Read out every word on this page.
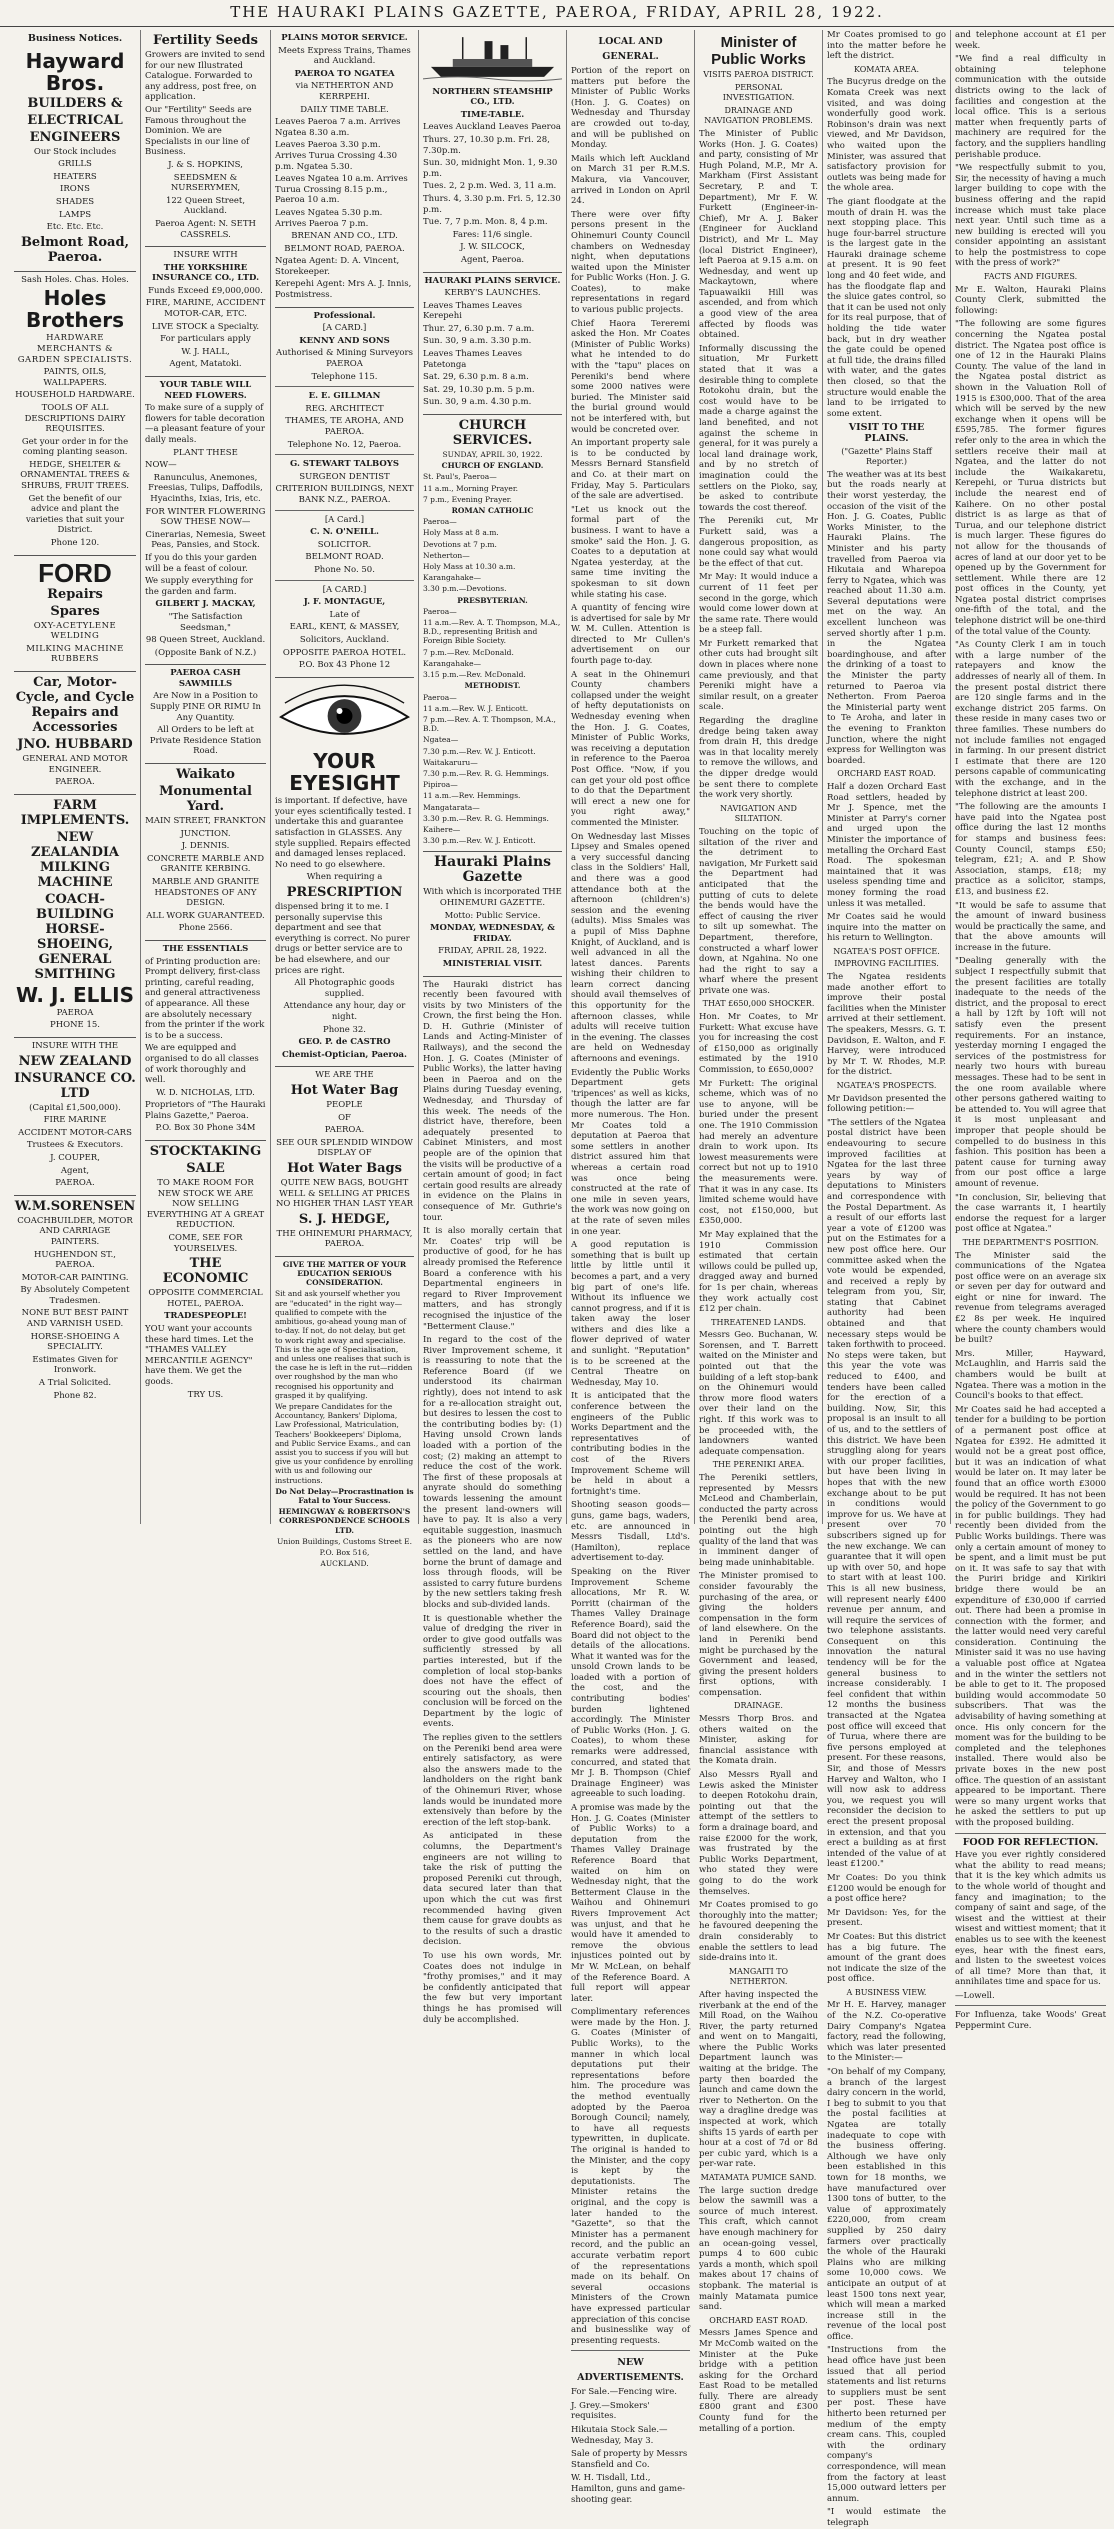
THE HAURAKI PLAINS GAZETTE, PAEROA, FRIDAY, APRIL 28, 1922.
Business Notices.

Hayward Bros.

BUILDERS &

ELECTRICAL

ENGINEERS

Our Stock includes

GRILLS

HEATERS

IRONS

SHADES

LAMPS

Etc. Etc. Etc.

Belmont Road, Paeroa.

Sash Holes. Chas. Holes.

Holes Brothers

HARDWARE MERCHANTS & GARDEN SPECIALISTS.

PAINTS, OILS, WALLPAPERS.

HOUSEHOLD HARDWARE.

TOOLS OF ALL DESCRIPTIONS DAIRY REQUISITES.

Get your order in for the coming planting season.

HEDGE, SHELTER & ORNAMENTAL TREES & SHRUBS, FRUIT TREES.

Get the benefit of our advice and plant the varieties that suit your District.

Phone 120.

FORD Repairs

Spares

OXY-ACETYLENE WELDING

MILKING MACHINE RUBBERS

Car, Motor-Cycle, and Cycle Repairs and Accessories

JNO. HUBBARD

GENERAL AND MOTOR ENGINEER.

PAEROA.

FARM IMPLEMENTS.

NEW ZEALANDIA MILKING MACHINE

COACH-BUILDING HORSE-SHOEING, GENERAL SMITHING

W. J. ELLIS

PAEROA

PHONE 15.

INSURE WITH THE

NEW ZEALAND

INSURANCE CO. LTD

(Capital £1,500,000).

FIRE MARINE

ACCIDENT MOTOR-CARS

Trustees & Executors.

J. COUPER,

Agent,

PAEROA.

W.M.SORENSEN

COACHBUILDER, MOTOR AND CARRIAGE PAINTERS.

HUGHENDON ST., PAEROA.

MOTOR-CAR PAINTING.

By Absolutely Competent Tradesmen.

NONE BUT BEST PAINT AND VARNISH USED.

HORSE-SHOEING A SPECIALITY.

Estimates Given for Ironwork.

A Trial Solicited.

Phone 82.

Fertility Seeds

Growers are invited to send for our new Illustrated Catalogue. Forwarded to any address, post free, on application.

Our "Fertility" Seeds are Famous throughout the Dominion. We are Specialists in our line of Business.

J. & S. HOPKINS,

SEEDSMEN & NURSERYMEN,

122 Queen Street, Auckland.

Paeroa Agent: N. SETH CASSRELS.

INSURE WITH

THE YORKSHIRE INSURANCE CO., LTD.

Funds Exceed £9,000,000.

FIRE, MARINE, ACCIDENT MOTOR-CAR, ETC.

LIVE STOCK a Specialty.

For particulars apply

W. J. HALL,

Agent, Matatoki.

YOUR TABLE WILL NEED FLOWERS.

To make sure of a supply of flowers for table decoration—a pleasant feature of your daily meals.

PLANT THESE

NOW—

Ranunculus, Anemones, Freesias, Tulips, Daffodils, Hyacinths, Ixias, Iris, etc.

FOR WINTER FLOWERING SOW THESE NOW—

Cinerarias, Nemesia, Sweet Peas, Pansies, and Stock.

If you do this your garden will be a feast of colour.

We supply everything for the garden and farm.

GILBERT J. MACKAY,

"The Satisfaction Seedsman,"

98 Queen Street, Auckland.

(Opposite Bank of N.Z.)

PAEROA CASH SAWMILLS

Are Now in a Position to Supply PINE OR RIMU In Any Quantity.

All Orders to be left at Private Residence Station Road.

Waikato

Monumental Yard.

MAIN STREET, FRANKTON

JUNCTION.

J. DENNIS.

CONCRETE MARBLE AND GRANITE KERBING.

MARBLE AND GRANITE HEADSTONES OF ANY DESIGN.

ALL WORK GUARANTEED.

Phone 2566.

THE ESSENTIALS

of Printing production are: Prompt delivery, first-class printing, careful reading, and general attractiveness of appearance. All these are absolutely necessary from the printer if the work is to be a success.

We are equipped and organised to do all classes of work thoroughly and well.

W. D. NICHOLAS, LTD.

Proprietors of "The Hauraki Plains Gazette," Paeroa.

P.O. Box 30 Phone 34M

STOCKTAKING

SALE

TO MAKE ROOM FOR NEW STOCK WE ARE NOW SELLING EVERYTHING AT A GREAT REDUCTION.

COME, SEE FOR YOURSELVES.

THE ECONOMIC

OPPOSITE COMMERCIAL HOTEL, PAEROA.

TRADESPEOPLE!

YOU want your accounts these hard times. Let the "THAMES VALLEY MERCANTILE AGENCY" have them. We get the goods.

TRY US.

PLAINS MOTOR SERVICE.

Meets Express Trains, Thames and Auckland.

PAEROA TO NGATEA

via NETHERTON AND KERRPEHI.

DAILY TIME TABLE.

Leaves Paeroa 7 a.m. Arrives Ngatea 8.30 a.m.

Leaves Paeroa 3.30 p.m. Arrives Turua Crossing 4.30 p.m. Ngatea 5.30.

Leaves Ngatea 10 a.m. Arrives Turua Crossing 8.15 p.m., Paeroa 10 a.m.

Leaves Ngatea 5.30 p.m. Arrives Paeroa 7 p.m.

BRENAN AND CO., LTD.

BELMONT ROAD, PAEROA.

Ngatea Agent: D. A. Vincent, Storekeeper.

Kerepehi Agent: Mrs A. J. Innis, Postmistress.

Professional.

[A CARD.]

KENNY AND SONS

Authorised & Mining Surveyors PAEROA

Telephone 115.

E. E. GILLMAN

REG. ARCHITECT

THAMES, TE AROHA, AND PAEROA.

Telephone No. 12, Paeroa.

G. STEWART TALBOYS

SURGEON DENTIST

CRITERION BUILDINGS, NEXT BANK N.Z., PAEROA.

[A Card.]

C. N. O'NEILL.

SOLICITOR.

BELMONT ROAD.

Phone No. 50.

[A CARD.]

J. F. MONTAGUE,

Late of

EARL, KENT, & MASSEY,

Solicitors, Auckland.

OPPOSITE PAEROA HOTEL.

P.O. Box 43 Phone 12

YOUR EYESIGHT

is important. If defective, have your eyes scientifically tested. I undertake this and guarantee satisfaction in GLASSES. Any style supplied. Repairs effected and damaged lenses replaced. No need to go elsewhere.

When requiring a

PRESCRIPTION

dispensed bring it to me. I personally supervise this department and see that everything is correct. No purer drugs or better service are to be had elsewhere, and our prices are right.

All Photographic goods supplied.

Attendance any hour, day or night.

Phone 32.

GEO. P. de CASTRO

Chemist-Optician, Paeroa.

WE ARE THE

Hot Water Bag

PEOPLE

OF

PAEROA.

SEE OUR SPLENDID WINDOW DISPLAY OF

Hot Water Bags

QUITE NEW BAGS, BOUGHT WELL & SELLING AT PRICES NO HIGHER THAN LAST YEAR

S. J. HEDGE,

THE OHINEMURI PHARMACY, PAEROA.

GIVE THE MATTER OF YOUR EDUCATION SERIOUS CONSIDERATION.

Sit and ask yourself whether you are "educated" in the right way—qualified to compete with the ambitious, go-ahead young man of to-day. If not, do not delay, but get to work right away and specialise. This is the age of Specialisation, and unless one realises that such is the case he is left in the rut—ridden over roughshod by the man who recognised his opportunity and grasped it by qualifying.

We prepare Candidates for the Accountancy, Bankers' Diploma, Law Professional, Matriculation, Teachers' Bookkeepers' Diploma, and Public Service Exams., and can assist you to success if you will but give us your confidence by enrolling with us and following our instructions.

Do Not Delay—Procrastination is Fatal to Your Success.

HEMINGWAY & ROBERTSON'S CORRESPONDENCE SCHOOLS LTD.

Union Buildings, Customs Street E.

P.O. Box 516,

AUCKLAND.

NORTHERN STEAMSHIP CO., LTD.

TIME-TABLE.

Leaves Auckland Leaves Paeroa

Thurs. 27, 10.30 p.m. Fri. 28, 7.30p.m.

Sun. 30, midnight Mon. 1, 9.30 p.m.

Tues. 2, 2 p.m. Wed. 3, 11 a.m.

Thurs. 4, 3.30 p.m. Fri. 5, 12.30 p.m.

Tue. 7, 7 p.m. Mon. 8, 4 p.m.

Fares: 11/6 single.

J. W. SILCOCK,

Agent, Paeroa.

HAURAKI PLAINS SERVICE.

KERBY'S LAUNCHES.

Leaves Thames Leaves Kerepehi

Thur. 27, 6.30 p.m. 7 a.m.

Sun. 30, 9 a.m. 3.30 p.m.

Leaves Thames Leaves Patetonga

Sat. 29, 6.30 p.m. 8 a.m.

Sat. 29, 10.30 p.m. 5 p.m.

Sun. 30, 9 a.m. 4.30 p.m.

CHURCH SERVICES.

SUNDAY, APRIL 30, 1922.

CHURCH OF ENGLAND.

St. Paul's, Paeroa—

11 a.m., Morning Prayer.

7 p.m., Evening Prayer.

ROMAN CATHOLIC

Paeroa—

Holy Mass at 8 a.m.

Devotions at 7 p.m.

Netherton—

Holy Mass at 10.30 a.m.

Karangahake—

3.30 p.m.—Devotions.

PRESBYTERIAN.

Paeroa—

11 a.m.—Rev. A. T. Thompson, M.A., B.D., representing British and Foreign Bible Society.

7 p.m.—Rev. McDonald.

Karangahake—

3.15 p.m.—Rev. McDonald.

METHODIST.

Paeroa—

11 a.m.—Rev. W. J. Enticott.

7 p.m.—Rev. A. T. Thompson, M.A., B.D.

Ngatea—

7.30 p.m.—Rev. W. J. Enticott.

Waitakaruru—

7.30 p.m.—Rev. R. G. Hemmings.

Pipiroa—

11 a.m.—Rev. Hemmings.

Mangatarata—

3.30 p.m.—Rev. R. G. Hemmings.

Kaihere—

3.30 p.m.—Rev. W. J. Enticott.

Hauraki Plains Gazette

With which is incorporated THE OHINEMURI GAZETTE.

Motto: Public Service.

MONDAY, WEDNESDAY, & FRIDAY.

FRIDAY, APRIL 28, 1922.

MINISTERIAL VISIT.

The Hauraki district has recently been favoured with visits by two Ministers of the Crown, the first being the Hon. D. H. Guthrie (Minister of Lands and Acting-Minister of Railways), and the second the Hon. J. G. Coates (Minister of Public Works), the latter having been in Paeroa and on the Plains during Tuesday evening, Wednesday, and Thursday of this week. The needs of the district have, therefore, been adequately presented to Cabinet Ministers, and most people are of the opinion that the visits will be productive of a certain amount of good; in fact certain good results are already in evidence on the Plains in consequence of Mr. Guthrie's tour.

It is also morally certain that Mr. Coates' trip will be productive of good, for he has already promised the Reference Board a conference with his Departmental engineers in regard to River Improvement matters, and has strongly recognised the injustice of the "Betterment Clause."

In regard to the cost of the River Improvement scheme, it is reassuring to note that the Reference Board (if we understood its chairman rightly), does not intend to ask for a re-allocation straight out, but desires to lessen the cost to the contributing bodies by: (1) Having unsold Crown lands loaded with a portion of the cost; (2) making an attempt to reduce the cost of the work. The first of these proposals at anyrate should do something towards lessening the amount the present land-owners will have to pay. It is also a very equitable suggestion, inasmuch as the pioneers who are now settled on the land, and have borne the brunt of damage and loss through floods, will be assisted to carry future burdens by the new settlers taking fresh blocks and sub-divided lands.

It is questionable whether the value of dredging the river in order to give good outfalls was sufficiently stressed by all parties interested, but if the completion of local stop-banks does not have the effect of scouring out the shoals, then conclusion will be forced on the Department by the logic of events.

The replies given to the settlers on the Pereniki bend area were entirely satisfactory, as were also the answers made to the landholders on the right bank of the Ohinemuri River, whose lands would be inundated more extensively than before by the erection of the left stop-bank.

As anticipated in these columns, the Department's engineers are not willing to take the risk of putting the proposed Pereniki cut through, data secured later than that upon which the cut was first recommended having given them cause for grave doubts as to the results of such a drastic decision.

To use his own words, Mr. Coates does not indulge in "frothy promises," and it may be confidently anticipated that the few but very important things he has promised will duly be accomplished.

LOCAL AND GENERAL.

Portion of the report on matters put before the Minister of Public Works (Hon. J. G. Coates) on Wednesday and Thursday are crowded out to-day, and will be published on Monday.

Mails which left Auckland on March 31 per R.M.S. Makura, via Vancouver, arrived in London on April 24.

There were over fifty persons present in the Ohinemuri County Council chambers on Wednesday night, when deputations waited upon the Minister for Public Works (Hon. J. G. Coates), to make representations in regard to various public projects.

Chief Haora Tereremi asked the Hon. Mr Coates (Minister of Public Works) what he intended to do with the "tapu" places on Pereniki's bend where some 2000 natives were buried. The Minister said the burial ground would not be interfered with, but would be concreted over.

An important property sale is to be conducted by Messrs Bernard Stansfield and Co. at their mart on Friday, May 5. Particulars of the sale are advertised.

"Let us knock out the formal part of the business. I want to have a smoke" said the Hon. J. G. Coates to a deputation at Ngatea yesterday, at the same time inviting the spokesman to sit down while stating his case.

A quantity of fencing wire is advertised for sale by Mr W. M. Cullen. Attention is directed to Mr Cullen's advertisement on our fourth page to-day.

A seat in the Ohinemuri County chambers collapsed under the weight of hefty deputationists on Wednesday evening when the Hon. J. G. Coates, Minister of Public Works, was receiving a deputation in reference to the Paeroa Post Office. "Now, if you can get your old post office to do that the Department will erect a new one for you right away," commented the Minister.

On Wednesday last Misses Lipsey and Smales opened a very successful dancing class in the Soldiers' Hall, and there was a good attendance both at the afternoon (children's) session and the evening (adults). Miss Smales was a pupil of Miss Daphne Knight, of Auckland, and is well advanced in all the latest dances. Parents wishing their children to learn correct dancing should avail themselves of this opportunity for the afternoon classes, while adults will receive tuition in the evening. The classes are held on Wednesday afternoons and evenings.

Evidently the Public Works Department gets 'tripences' as well as kicks, though the latter are far more numerous. The Hon. Mr Coates told a deputation at Paeroa that some settlers in another district assured him that whereas a certain road was once being constructed at the rate of one mile in seven years, the work was now going on at the rate of seven miles in one year.

A good reputation is something that is built up little by little until it becomes a part, and a very big part of one's life. Without its influence we cannot progress, and if it is taken away the loser withers and dies like a flower deprived of water and sunlight. "Reputation" is to be screened at the Central Theatre on Wednesday, May 10.

It is anticipated that the conference between the engineers of the Public Works Department and the representatives of contributing bodies in the cost of the Rivers Improvement Scheme will be held in about a fortnight's time.

Shooting season goods—guns, game bags, waders, etc. are announced in Messrs Tisdall, Ltd's. (Hamilton), replace advertisement to-day.

Speaking on the River Improvement Scheme allocations, Mr R. W. Porritt (chairman of the Thames Valley Drainage Reference Board), said the Board did not object to the details of the allocations. What it wanted was for the unsold Crown lands to be loaded with a portion of the cost, and the contributing bodies' burden lightened accordingly. The Minister of Public Works (Hon. J. G. Coates), to whom these remarks were addressed, concurred, and stated that Mr J. B. Thompson (Chief Drainage Engineer) was agreeable to such loading.

A promise was made by the Hon. J. G. Coates (Minister of Public Works) to a deputation from the Thames Valley Drainage Reference Board that waited on him on Wednesday night, that the Betterment Clause in the Waihou and Ohinemuri Rivers Improvement Act was unjust, and that he would have it amended to remove the obvious injustices pointed out by Mr W. McLean, on behalf of the Reference Board. A full report will appear later.

Complimentary references were made by the Hon. J. G. Coates (Minister of Public Works), to the manner in which local deputations put their representations before him. The procedure was the method eventually adopted by the Paeroa Borough Council; namely, to have all requests typewritten, in duplicate. The original is handed to the Minister, and the copy is kept by the deputationists. The Minister retains the original, and the copy is later handed to the "Gazette", so that the Minister has a permanent record, and the public an accurate verbatim report of the representations made on its behalf. On several occasions Ministers of the Crown have expressed particular appreciation of this concise and businesslike way of presenting requests.

NEW ADVERTISEMENTS.

For Sale.—Fencing wire.

J. Grey.—Smokers' requisites.

Hikutaia Stock Sale.—Wednesday, May 3.

Sale of property by Messrs Stansfield and Co.

W. H. Tisdall, Ltd., Hamilton, guns and game-shooting gear.

Minister of Public Works
VISITS PAEROA DISTRICT.
PERSONAL INVESTIGATION.
DRAINAGE AND NAVIGATION PROBLEMS.

The Minister of Public Works (Hon. J. G. Coates) and party, consisting of Mr Hugh Poland, M.P., Mr A. Markham (First Assistant Secretary, P. and T. Department), Mr F. W. Furkett (Engineer-in-Chief), Mr A. J. Baker (Engineer for Auckland District), and Mr L. May (local District Engineer), left Paeroa at 9.15 a.m. on Wednesday, and went up Mackaytown, where Tapuawaikii Hill was ascended, and from which a good view of the area affected by floods was obtained.

Informally discussing the situation, Mr Furkett stated that it was a desirable thing to complete Rotokohu drain, but the cost would have to be made a charge against the land benefited, and not against the scheme in general, for it was purely a local land drainage work, and by no stretch of imagination could the settlers on the Pioko, say, be asked to contribute towards the cost thereof.

The Pereniki cut, Mr Furkett said, was a dangerous proposition, as none could say what would be the effect of that cut.

Mr May: It would induce a current of 11 feet per second in the gorge, which would come lower down at the same rate. There would be a steep fall.

Mr Furkett remarked that other cuts had brought silt down in places where none came previously, and that Pereniki might have a similar result, on a greater scale.

Regarding the dragline dredge being taken away from drain H, this dredge was in that locality merely to remove the willows, and the dipper dredge would be sent there to complete the work very shortly.

NAVIGATION AND SILTATION.

Touching on the topic of siltation of the river and the detriment to navigation, Mr Furkett said the Department had anticipated that the putting of cuts to delete the bends would have the effect of causing the river to silt up somewhat. The Department, therefore, constructed a wharf lower down, at Ngahina. No one had the right to say a wharf where the present private one was.

THAT £650,000 SHOCKER.

Hon. Mr Coates, to Mr Furkett: What excuse have you for increasing the cost of £150,000 as originally estimated by the 1910 Commission, to £650,000?

Mr Furkett: The original scheme, which was of no use to anyone, will be buried under the present one. The 1910 Commission had merely an adventure drain to work upon. Its lowest measurements were correct but not up to 1910 the measurements were. That it was in any case. Its limited scheme would have cost, not £150,000, but £350,000.

Mr May explained that the 1910 Commission estimated that certain willows could be pulled up, dragged away and burned for 1s per chain, whereas they work actually cost £12 per chain.

THREATENED LANDS.

Messrs Geo. Buchanan, W. Sorensen, and T. Barrett waited on the Minister and pointed out that the building of a left stop-bank on the Ohinemuri would throw more flood waters over their land on the right. If this work was to be proceeded with, the landowners wanted adequate compensation.

THE PERENIKI AREA.

The Pereniki settlers, represented by Messrs McLeod and Chamberlain, conducted the party across the Pereniki bend area, pointing out the high quality of the land that was in imminent danger of being made uninhabitable.

The Minister promised to consider favourably the purchasing of the area, or giving the holders compensation in the form of land elsewhere. On the land in Pereniki bend might be purchased by the Government and leased, giving the present holders first options, with compensation.

DRAINAGE.

Messrs Thorp Bros. and others waited on the Minister, asking for financial assistance with the Komata drain.

Also Messrs Ryall and Lewis asked the Minister to deepen Rotokohu drain, pointing out that the attempt of the settlers to form a drainage board, and raise £2000 for the work, was frustrated by the Public Works Department, who stated they were going to do the work themselves.

Mr Coates promised to go thoroughly into the matter; he favoured deepening the drain considerably to enable the settlers to lead side-drains into it.

MANGAITI TO NETHERTON.

After having inspected the riverbank at the end of the Mill Road, on the Waihou River, the party returned and went on to Mangaiti, where the Public Works Department launch was waiting at the bridge. The party then boarded the launch and came down the river to Netherton. On the way a dragline dredge was inspected at work, which shifts 15 yards of earth per hour at a cost of 7d or 8d per cubic yard, which is a per-war rate.

MATAMATA PUMICE SAND.

The large suction dredge below the sawmill was a source of much interest. This craft, which cannot have enough machinery for an ocean-going vessel, pumps 4 to 600 cubic yards a month, which spoil makes about 17 chains of stopbank. The material is mainly Matamata pumice sand.

ORCHARD EAST ROAD.

Messrs James Spence and Mr McComb waited on the Minister at the Puke bridge with a petition asking for the Orchard East Road to be metalled fully. There are already £800 grant and £300 County fund for the metalling of a portion.

Mr Coates promised to go into the matter before he left the district.

KOMATA AREA.

The Bucyrus dredge on the Komata Creek was next visited, and was doing wonderfully good work. Robinson's drain was next viewed, and Mr Davidson, who waited upon the Minister, was assured that satisfactory provision for outlets was being made for the whole area.

The giant floodgate at the mouth of drain H. was the next stopping place. This huge four-barrel structure is the largest gate in the Hauraki drainage scheme at present. It is 90 feet long and 40 feet wide, and has the floodgate flap and the sluice gates control, so that it can be used not only for its real purpose, that of holding the tide water back, but in dry weather the gate could be opened at full tide, the drains filled with water, and the gates then closed, so that the structure would enable the land to be irrigated to some extent.

VISIT TO THE PLAINS.
("Gazette" Plains Staff Reporter.)

The weather was at its best but the roads nearly at their worst yesterday, the occasion of the visit of the Hon. J. G. Coates, Public Works Minister, to the Hauraki Plains. The Minister and his party travelled from Paeroa via Hikutaia and Wharepoa ferry to Ngatea, which was reached about 11.30 a.m. Several deputations were met on the way. An excellent luncheon was served shortly after 1 p.m. in the Ngatea boardinghouse, and after the drinking of a toast to the Minister the party returned to Paeroa via Netherton. From Paeroa the Ministerial party went to Te Aroha, and later in the evening to Frankton Junction, where the night express for Wellington was boarded.

ORCHARD EAST ROAD.

Half a dozen Orchard East Road settlers, headed by Mr J. Spence, met the Minister at Parry's corner and urged upon the Minister the importance of metalling the Orchard East Road. The spokesman maintained that it was useless spending time and money forming the road unless it was metalled.

Mr Coates said he would inquire into the matter on his return to Wellington.

NGATEA'S POST OFFICE.
IMPROVING FACILITIES.

The Ngatea residents made another effort to improve their postal facilities when the Minister arrived at their settlement. The speakers, Messrs. G. T. Davidson, E. Walton, and F. Harvey, were introduced by Mr T. W. Rhodes, M.P. for the district.

NGATEA'S PROSPECTS.

Mr Davidson presented the following petition:—

"The settlers of the Ngatea postal district have been endeavouring to secure improved facilities at Ngatea for the last three years by way of deputations to Ministers and correspondence with the Postal Department. As a result of our efforts last year a vote of £1200 was put on the Estimates for a new post office here. Our committee asked when the vote would be expended, and received a reply by telegram from you, Sir, stating that Cabinet authority had been obtained and that necessary steps would be taken forthwith to proceed. No steps were taken, but this year the vote was reduced to £400, and tenders have been called for the erection of a building. Now, Sir, this proposal is an insult to all of us, and to the settlers of this district. We have been struggling along for years with our proper facilities, but have been living in hopes that with the new exchange about to be put in conditions would improve for us. We have at present over 70 subscribers signed up for the new exchange. We can guarantee that it will open up with over 50, and hope to start with at least 100. This is all new business, will represent nearly £400 revenue per annum, and will require the services of two telephone assistants. Consequent on this innovation the natural tendency will be for the general business to increase considerably. I feel confident that within 12 months the business transacted at the Ngatea post office will exceed that of Turua, where there are five persons employed at present. For these reasons, Sir, and those of Messrs Harvey and Walton, who I will now ask to address you, we request you will reconsider the decision to erect the present proposal in extension, and that you erect a building as at first intended of the value of at least £1200."

Mr Coates: Do you think £1200 would be enough for a post office here?

Mr Davidson: Yes, for the present.

Mr Coates: But this district has a big future. The amount of the grant does not indicate the size of the post office.

A BUSINESS VIEW.

Mr H. E. Harvey, manager of the N.Z. Co-operative Dairy Company's Ngatea factory, read the following, which was later presented to the Minister:—

"On behalf of my Company, a branch of the largest dairy concern in the world, I beg to submit to you that the postal facilities at Ngatea are totally inadequate to cope with the business offering. Although we have only been established in this town for 18 months, we have manufactured over 1300 tons of butter, to the value of approximately £220,000, from cream supplied by 250 dairy farmers over practically the whole of the Hauraki Plains who are milking some 10,000 cows. We anticipate an output of at least 1500 tons next year, which will mean a marked increase still in the revenue of the local post office.

"Instructions from the head office have just been issued that all period statements and list returns to suppliers must be sent per post. These have hitherto been returned per medium of the empty cream cans. This, coupled with the ordinary company's correspondence, will mean from the factory at least 15,000 outward letters per annum.

"I would estimate the telegraph

and telephone account at £1 per week.

"We find a real difficulty in obtaining telephone communication with the outside districts owing to the lack of facilities and congestion at the local office. This is a serious matter when frequently parts of machinery are required for the factory, and the suppliers handling perishable produce.

"We respectfully submit to you, Sir, the necessity of having a much larger building to cope with the business offering and the rapid increase which must take place next year. Until such time as a new building is erected will you consider appointing an assistant to help the postmistress to cope with the press of work?"

FACTS AND FIGURES.

Mr E. Walton, Hauraki Plains County Clerk, submitted the following:

"The following are some figures concerning the Ngatea postal district. The Ngatea post office is one of 12 in the Hauraki Plains County. The value of the land in the Ngatea postal district as shown in the Valuation Roll of 1915 is £300,000. That of the area which will be served by the new exchange when it opens will be £595,785. The former figures refer only to the area in which the settlers receive their mail at Ngatea, and the latter do not include the Waikakaretu, Kerepehi, or Turua districts but include the nearest end of Kaihere. On no other postal district is as large as that of Turua, and our telephone district is much larger. These figures do not allow for the thousands of acres of land at our door yet to be opened up by the Government for settlement. While there are 12 post offices in the County, yet Ngatea postal district comprises one-fifth of the total, and the telephone district will be one-third of the total value of the County.

"As County Clerk I am in touch with a large number of the ratepayers and know the addresses of nearly all of them. In the present postal district there are 120 single farms and in the exchange district 205 farms. On these reside in many cases two or three families. These numbers do not include families not engaged in farming. In our present district I estimate that there are 120 persons capable of communicating with the exchange, and in the telephone district at least 200.

"The following are the amounts I have paid into the Ngatea post office during the last 12 months for stamps and business fees: County Council, stamps £50; telegram, £21; A. and P. Show Association, stamps, £18; my practice as a solicitor, stamps, £13, and business £2.

"It would be safe to assume that the amount of inward business would be practically the same, and that the above amounts will increase in the future.

"Dealing generally with the subject I respectfully submit that the present facilities are totally inadequate to the needs of the district, and the proposal to erect a hall by 12ft by 10ft will not satisfy even the present requirements. For an instance, yesterday morning I engaged the services of the postmistress for nearly two hours with bureau messages. These had to be sent in the one room available where other persons gathered waiting to be attended to. You will agree that it is most unpleasant and improper that people should be compelled to do business in this fashion. This position has been a patent cause for turning away from our post office a large amount of revenue.

"In conclusion, Sir, believing that the case warrants it, I heartily endorse the request for a larger post office at Ngatea."

THE DEPARTMENT'S POSITION.

The Minister said the communications of the Ngatea post office were on an average six or seven per day for outward and eight or nine for inward. The revenue from telegrams averaged £2 8s per week. He inquired where the county chambers would be built?

Mrs. Miller, Hayward, McLaughlin, and Harris said the chambers would be built at Ngatea. There was a motion in the Council's books to that effect.

Mr Coates said he had accepted a tender for a building to be portion of a permanent post office at Ngatea for £392. He admitted it would not be a great post office, but it was an indication of what would be later on. It may later be found that an office worth £3000 would be required. It has not been the policy of the Government to go in for public buildings. They had recently been divided from the Public Works buildings. There was only a certain amount of money to be spent, and a limit must be put on it. It was safe to say that with the Puriri bridge and Kirikiri bridge there would be an expenditure of £30,000 if carried out. There had been a promise in connection with the former, and the latter would need very careful consideration. Continuing the Minister said it was no use having a valuable post office at Ngatea and in the winter the settlers not be able to get to it. The proposed building would accommodate 50 subscribers. That was the advisability of having something at once. His only concern for the moment was for the building to be completed and the telephones installed. There would also be private boxes in the new post office. The question of an assistant appeared to be important. There were so many urgent works that he asked the settlers to put up with the proposed building.

FOOD FOR REFLECTION.

Have you ever rightly considered what the ability to read means; that it is the key which admits us to the whole world of thought and fancy and imagination; to the company of saint and sage, of the wisest and the wittiest at their wisest and wittiest moment; that it enables us to see with the keenest eyes, hear with the finest ears, and listen to the sweetest voices of all time? More than that, it annihilates time and space for us.

—Lowell.

For Influenza, take Woods' Great Peppermint Cure.
